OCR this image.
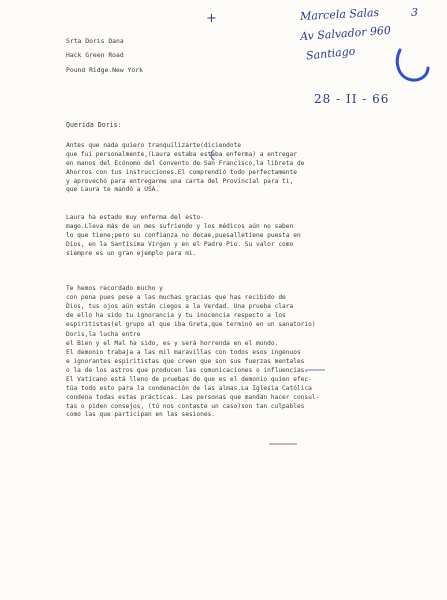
Marcela Salas	3
Av Salvador 960
Santiago
+
28 - II - 66
Srta Doris Dana
Hack Green Road
Pound Ridge.New York
Querida Doris:
Antes que nada quiero tranquilizarte(diciendote
que fui personalmente,(Laura estaba estaba enferma) a entregar
en manos del Ecónomo del Convento de San Francisco,la libreta de
Ahorros con tus instrucciones.El comprendió todo perfectamente
y aprovechó para entregarme una carta del Provincial para ti,
que Laura te mandó a USA.
Laura ha estado muy enferma del esto-
mago.Lleva más de un mes sufriendo y los médicos aún no saben
lo que tiene;pero su confianza no decae,puesalletiene puesta en
Dios, en la Santísima Virgen y en el Padre Pio. Su valor como
siempre es un gran ejemplo para mi.
Te hemos recordado mucho y
con pena pues pese a las muchas gracias que has recibido de
Dios, tus ojos aún están ciegos a la Verdad. Una prueba clara
de ello ha sido tu ignorancia y tu inocencia respecto a los
espiritistas(el grupo al que iba Greta,que terminó en un sanatorio)
Doris,la lucha entre
el Bien y el Mal ha sido, es y será horrenda en el mundo.
El demonio trabaja a las mil maravillas con todos esos ingenuos
e ignorantes espiritistas que creen que son sus fuerzas mentales
o la de los astros que producen las comunicaciones o influencias.
El Vaticano está lleno de pruebas de que es el demonio quien efec-
túa todo esto para la condenación de las almas.La Iglesia Católica
condena todas estas prácticas. Las personas que mandan hacer consul-
tas o piden consejos, (tú nos contaste un caso)son tan culpables
como las que participan en las sesiones.
